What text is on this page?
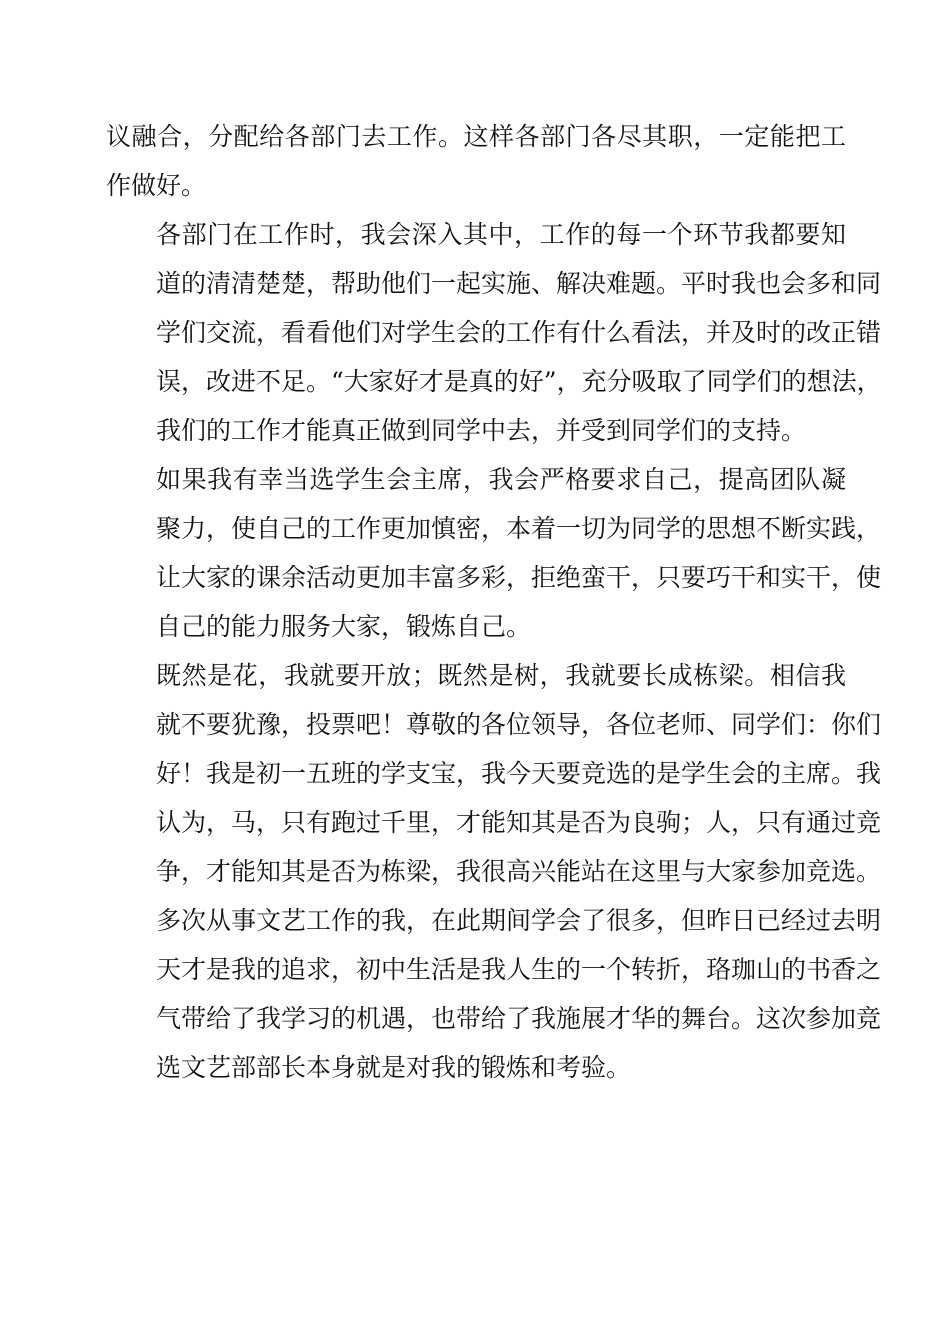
议融合，分配给各部门去工作。这样各部门各尽其职，一定能把工
作做好。

各部门在工作时，我会深入其中，工作的每一个环节我都要知
道的清清楚楚，帮助他们一起实施、解决难题。平时我也会多和同
学们交流，看看他们对学生会的工作有什么看法，并及时的改正错
误，改进不足。“大家好才是真的好”，充分吸取了同学们的想法，
我们的工作才能真正做到同学中去，并受到同学们的支持。

如果我有幸当选学生会主席，我会严格要求自己，提高团队凝
聚力，使自己的工作更加慎密，本着一切为同学的思想不断实践，
让大家的课余活动更加丰富多彩，拒绝蛮干，只要巧干和实干，使
自己的能力服务大家，锻炼自己。

既然是花，我就要开放；既然是树，我就要长成栋梁。相信我
就不要犹豫，投票吧！尊敬的各位领导，各位老师、同学们：你们
好！我是初一五班的学支宝，我今天要竞选的是学生会的主席。我
认为，马，只有跑过千里，才能知其是否为良驹；人，只有通过竞
争，才能知其是否为栋梁，我很高兴能站在这里与大家参加竞选。
多次从事文艺工作的我，在此期间学会了很多，但昨日已经过去明
天才是我的追求，初中生活是我人生的一个转折，珞珈山的书香之
气带给了我学习的机遇，也带给了我施展才华的舞台。这次参加竞
选文艺部部长本身就是对我的锻炼和考验。
